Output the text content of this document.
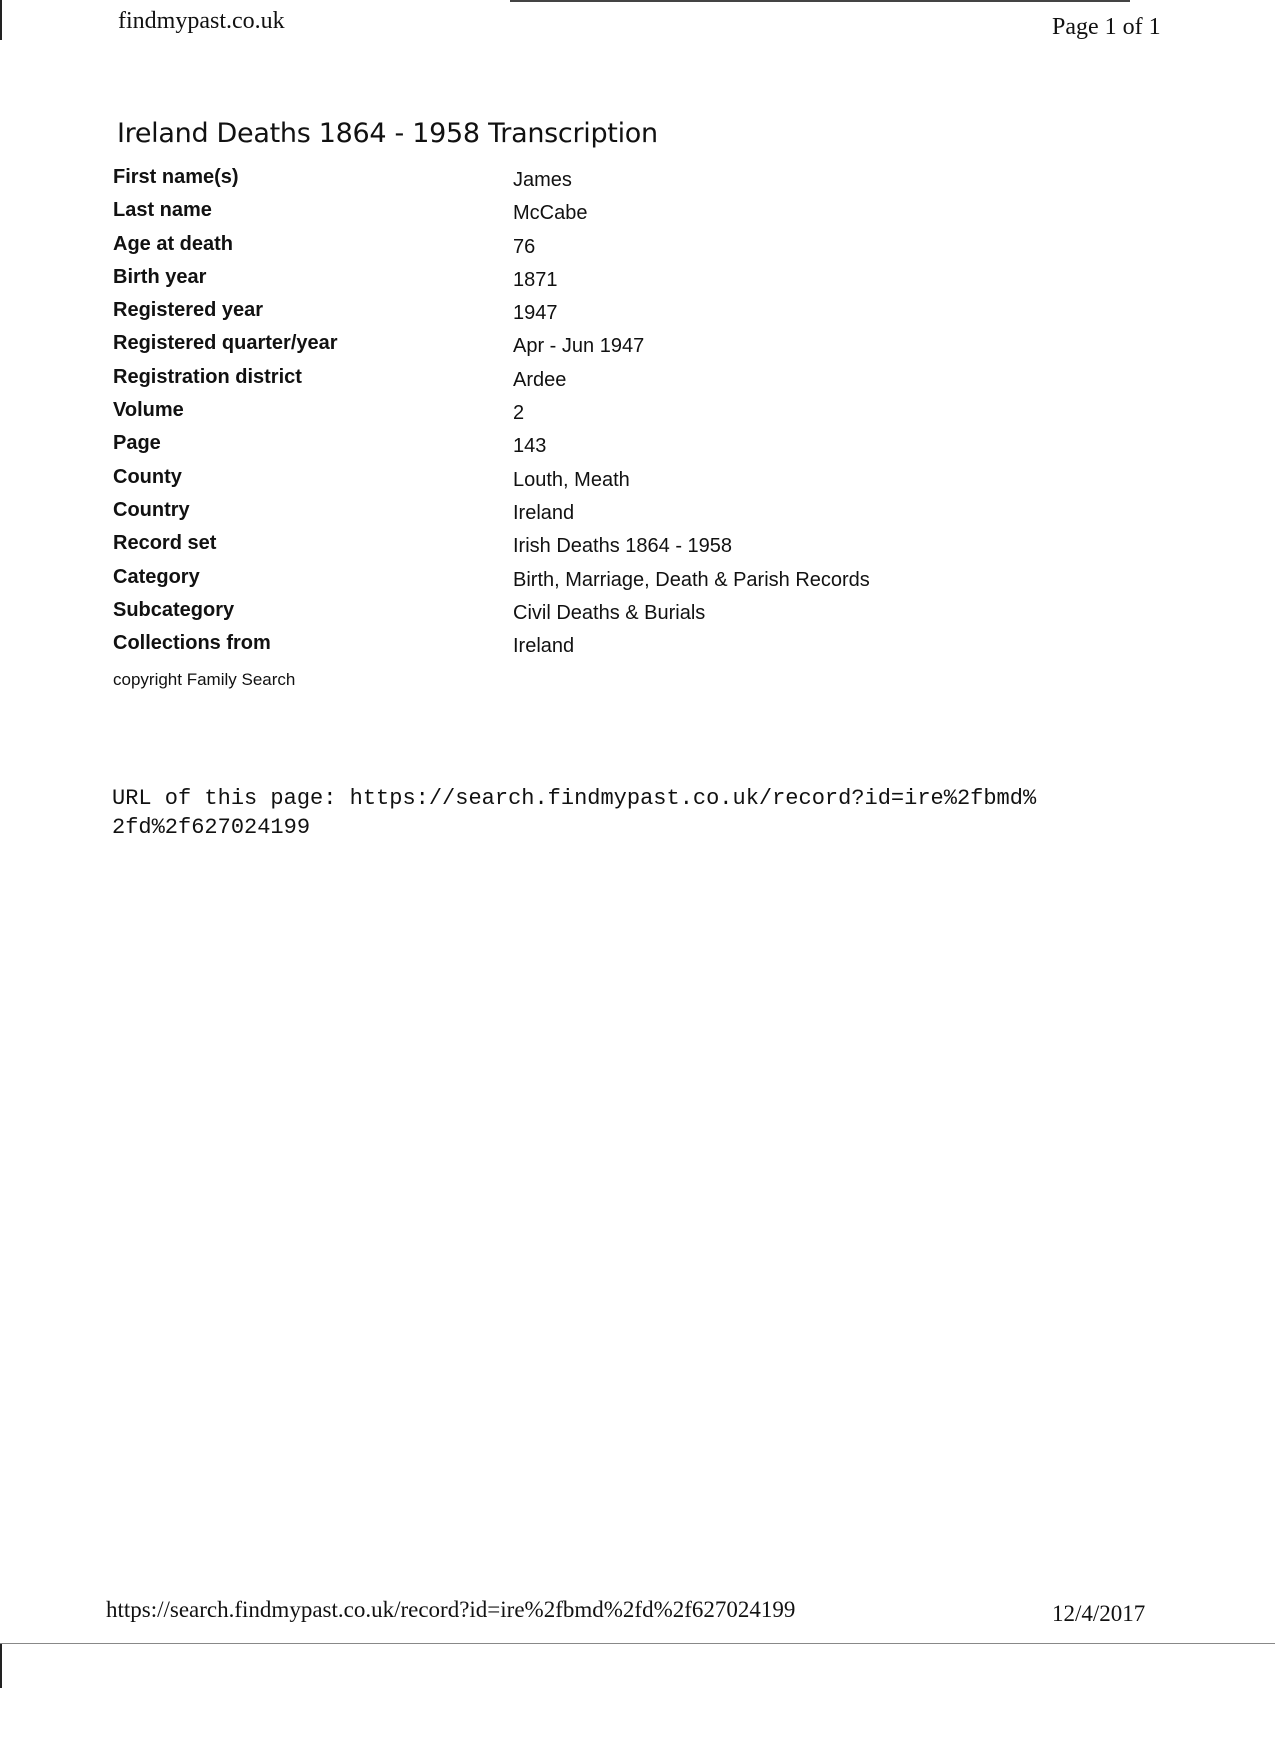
findmypast.co.uk	Page 1 of 1
Ireland Deaths 1864 - 1958 Transcription
First name(s)	James
Last name	McCabe
Age at death	76
Birth year	1871
Registered year	1947
Registered quarter/year	Apr - Jun 1947
Registration district	Ardee
Volume	2
Page	143
County	Louth, Meath
Country	Ireland
Record set	Irish Deaths 1864 - 1958
Category	Birth, Marriage, Death & Parish Records
Subcategory	Civil Deaths & Burials
Collections from	Ireland
copyright Family Search
URL of this page: https://search.findmypast.co.uk/record?id=ire%2fbmd%
2fd%2f627024199
https://search.findmypast.co.uk/record?id=ire%2fbmd%2fd%2f627024199	12/4/2017
